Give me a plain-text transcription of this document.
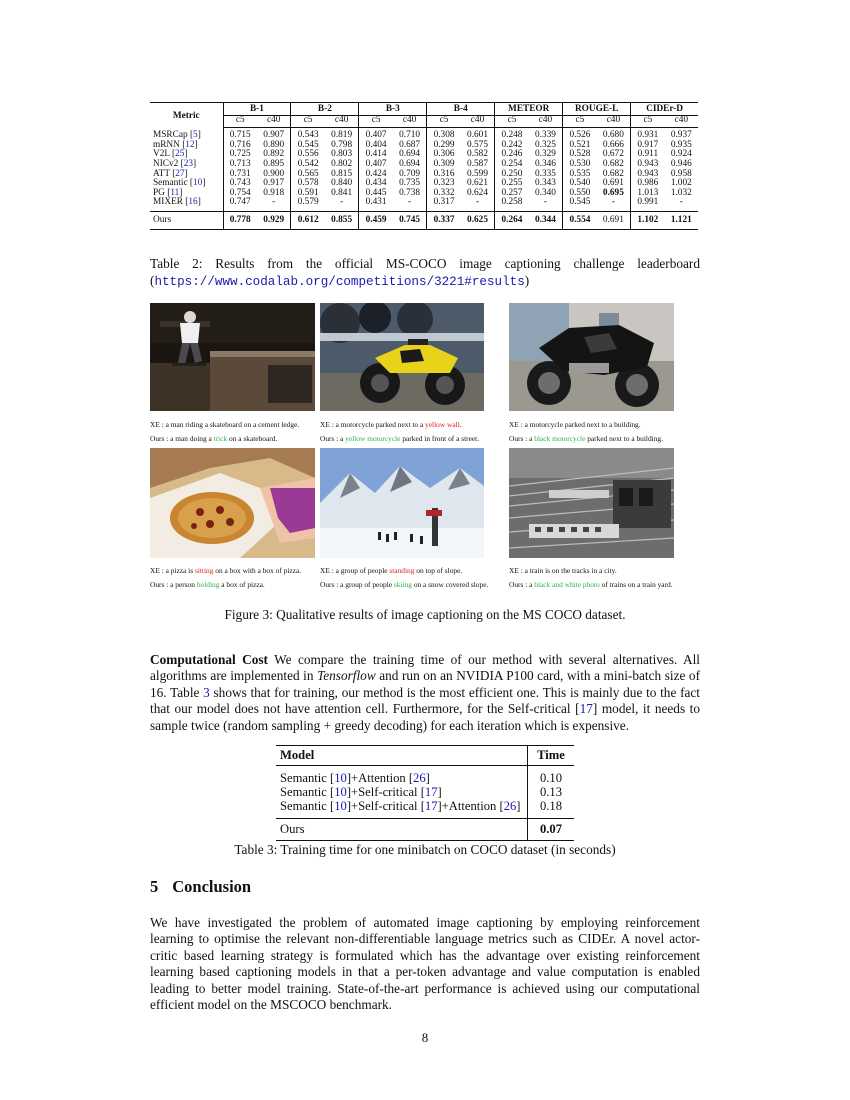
Metric	B-1		B-2		B-3		B-4		METEOR		ROUGE-L		CIDEr-D	
	c5	c40	c5	c40	c5	c40	c5	c40	c5	c40	c5	c40	c5	c40
MSRCap [5]	0.715	0.907	0.543	0.819	0.407	0.710	0.308	0.601	0.248	0.339	0.526	0.680	0.931	0.937
mRNN [12]	0.716	0.890	0.545	0.798	0.404	0.687	0.299	0.575	0.242	0.325	0.521	0.666	0.917	0.935
V2L [25]	0.725	0.892	0.556	0.803	0.414	0.694	0.306	0.582	0.246	0.329	0.528	0.672	0.911	0.924
NICv2 [23]	0.713	0.895	0.542	0.802	0.407	0.694	0.309	0.587	0.254	0.346	0.530	0.682	0.943	0.946
ATT [27]	0.731	0.900	0.565	0.815	0.424	0.709	0.316	0.599	0.250	0.335	0.535	0.682	0.943	0.958
Semantic [10]	0.743	0.917	0.578	0.840	0.434	0.735	0.323	0.621	0.255	0.343	0.540	0.691	0.986	1.002
PG [11]	0.754	0.918	0.591	0.841	0.445	0.738	0.332	0.624	0.257	0.340	0.550	0.695	1.013	1.032
MIXER [16]	0.747	-	0.579	-	0.431	-	0.317	-	0.258	-	0.545	-	0.991	-
Ours	0.778	0.929	0.612	0.855	0.459	0.745	0.337	0.625	0.264	0.344	0.554	0.691	1.102	1.121
Table 2: Results from the official MS-COCO image captioning challenge leaderboard (https://www.codalab.org/competitions/3221#results)
XE : a man riding a skateboard on a cement ledge.	XE : a motorcycle parked next to a yellow wall.	XE : a motorcycle parked next to a building.
Ours : a man doing a trick on a skateboard.	Ours : a yellow motorcycle parked in front of a street.	Ours : a black motorcycle parked next to a building.
XE : a pizza is sitting on a box with a box of pizza.	XE : a group of people standing on top of slope.	XE : a train is on the tracks in a city.
Ours : a person holding a box of pizza.	Ours : a group of people skiing on a snow covered slope.	Ours : a black and white photo of trains on a train yard.
Figure 3: Qualitative results of image captioning on the MS COCO dataset.
Computational Cost We compare the training time of our method with several alternatives. All algorithms are implemented in Tensorflow and run on an NVIDIA P100 card, with a mini-batch size of 16. Table 3 shows that for training, our method is the most efficient one. This is mainly due to the fact that our model does not have attention cell. Furthermore, for the Self-critical [17] model, it needs to sample twice (random sampling + greedy decoding) for each iteration which is expensive.
Model	Time
Semantic [10]+Attention [26]	0.10
Semantic [10]+Self-critical [17]	0.13
Semantic [10]+Self-critical [17]+Attention [26]	0.18
Ours	0.07
Table 3: Training time for one minibatch on COCO dataset (in seconds)
5 Conclusion
We have investigated the problem of automated image captioning by employing reinforcement learning to optimise the relevant non-differentiable language metrics such as CIDEr. A novel actor-critic based learning strategy is formulated which has the advantage over existing reinforcement learning based captioning models in that a per-token advantage and value computation is enabled leading to better model training. State-of-the-art performance is achieved using our computational efficient model on the MSCOCO benchmark.
8
